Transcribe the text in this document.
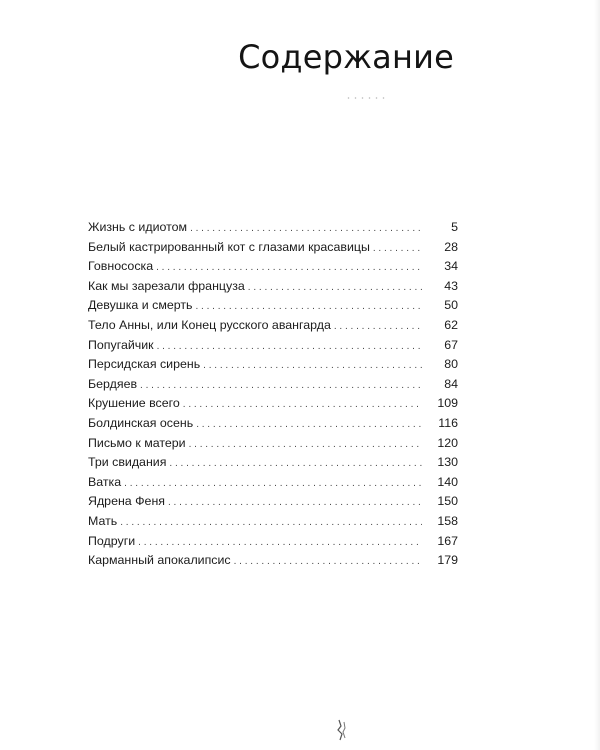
Содержание
Жизнь с идиотом . . .	5
Белый кастрированный кот с глазами красавицы . . .	28
Говнососка . . .	34
Как мы зарезали француза . . .	43
Девушка и смерть . . .	50
Тело Анны, или Конец русского авангарда . . .	62
Попугайчик . . .	67
Персидская сирень . . .	80
Бердяев . . .	84
Крушение всего . . .	109
Болдинская осень . . .	116
Письмо к матери . . .	120
Три свидания . . .	130
Ватка . . .	140
Ядрена Феня . . .	150
Мать . . .	158
Подруги . . .	167
Карманный апокалипсис . . .	179
